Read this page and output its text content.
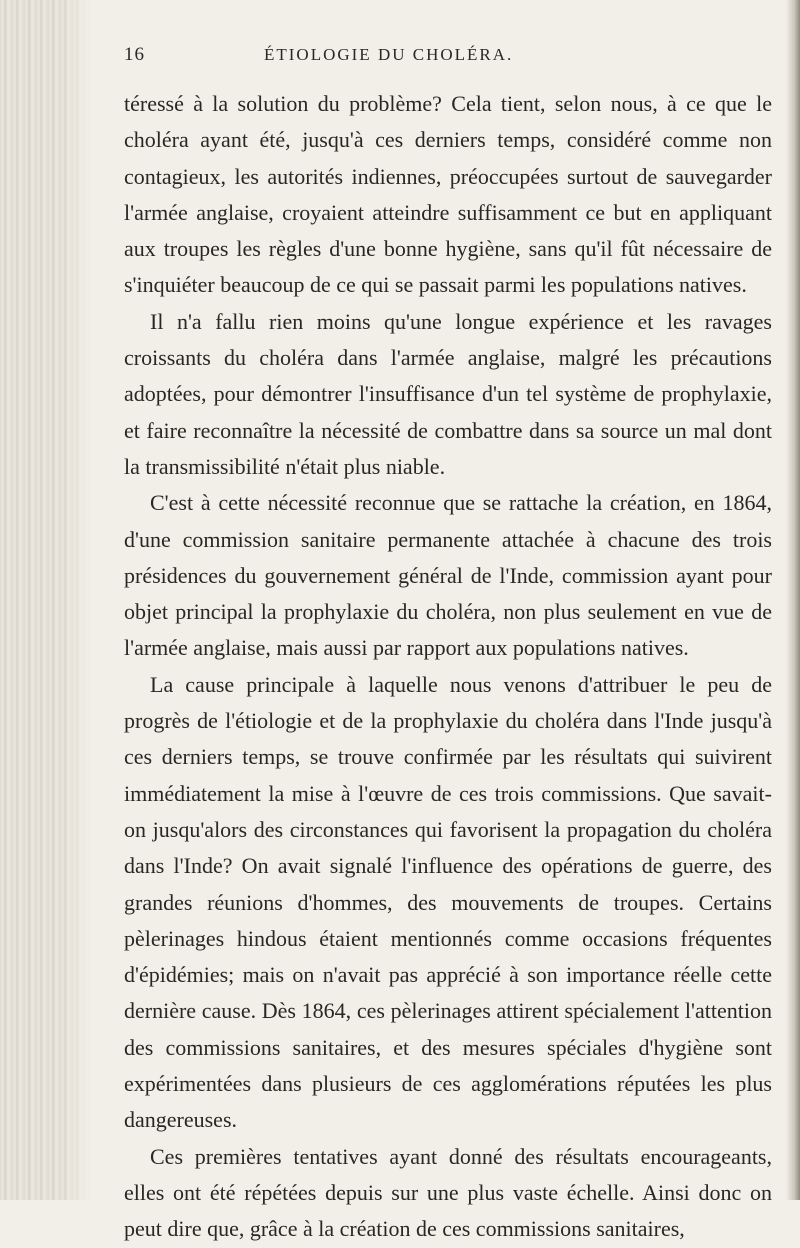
16	ÉTIOLOGIE DU CHOLÉRA.

téressé à la solution du problème? Cela tient, selon nous, à ce que le choléra ayant été, jusqu'à ces derniers temps, considéré comme non contagieux, les autorités indiennes, préoccupées surtout de sauvegarder l'armée anglaise, croyaient atteindre suffisamment ce but en appliquant aux troupes les règles d'une bonne hygiène, sans qu'il fût nécessaire de s'inquiéter beaucoup de ce qui se passait parmi les populations natives.

Il n'a fallu rien moins qu'une longue expérience et les ravages croissants du choléra dans l'armée anglaise, malgré les précautions adoptées, pour démontrer l'insuffisance d'un tel système de prophylaxie, et faire reconnaître la nécessité de combattre dans sa source un mal dont la transmissibilité n'était plus niable.

C'est à cette nécessité reconnue que se rattache la création, en 1864, d'une commission sanitaire permanente attachée à chacune des trois présidences du gouvernement général de l'Inde, commission ayant pour objet principal la prophylaxie du choléra, non plus seulement en vue de l'armée anglaise, mais aussi par rapport aux populations natives.

La cause principale à laquelle nous venons d'attribuer le peu de progrès de l'étiologie et de la prophylaxie du choléra dans l'Inde jusqu'à ces derniers temps, se trouve confirmée par les résultats qui suivirent immédiatement la mise à l'œuvre de ces trois commissions. Que savait-on jusqu'alors des circonstances qui favorisent la propagation du choléra dans l'Inde? On avait signalé l'influence des opérations de guerre, des grandes réunions d'hommes, des mouvements de troupes. Certains pèlerinages hindous étaient mentionnés comme occasions fréquentes d'épidémies; mais on n'avait pas apprécié à son importance réelle cette dernière cause. Dès 1864, ces pèlerinages attirent spécialement l'attention des commissions sanitaires, et des mesures spéciales d'hygiène sont expérimentées dans plusieurs de ces agglomérations réputées les plus dangereuses.

Ces premières tentatives ayant donné des résultats encourageants, elles ont été répétées depuis sur une plus vaste échelle. Ainsi donc on peut dire que, grâce à la création de ces commissions sanitaires,
